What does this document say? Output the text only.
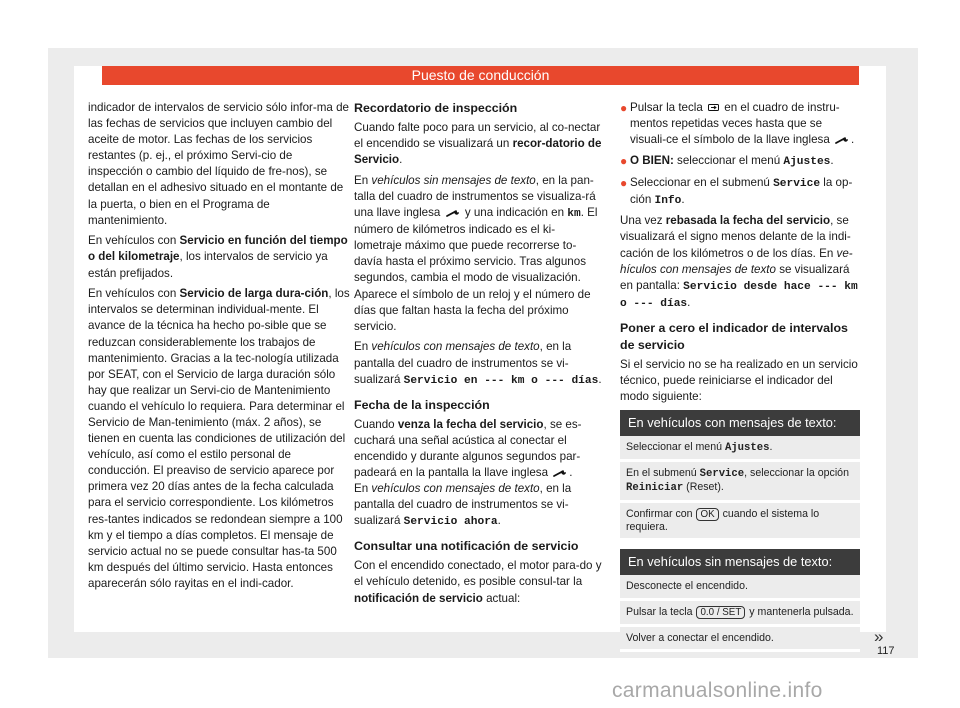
Puesto de conducción

indicador de intervalos de servicio sólo infor-ma de las fechas de servicios que incluyen cambio del aceite de motor. Las fechas de los servicios restantes (p. ej., el próximo Servi-cio de inspección o cambio del líquido de fre-nos), se detallan en el adhesivo situado en el montante de la puerta, o bien en el Programa de mantenimiento.

En vehículos con Servicio en función del tiempo o del kilometraje, los intervalos de servicio ya están prefijados.

En vehículos con Servicio de larga dura-ción, los intervalos se determinan individual-mente. El avance de la técnica ha hecho po-sible que se reduzcan considerablemente los trabajos de mantenimiento. Gracias a la tec-nología utilizada por SEAT, con el Servicio de larga duración sólo hay que realizar un Servi-cio de Mantenimiento cuando el vehículo lo requiera. Para determinar el Servicio de Man-tenimiento (máx. 2 años), se tienen en cuenta las condiciones de utilización del vehículo, así como el estilo personal de conducción. El preaviso de servicio aparece por primera vez 20 días antes de la fecha calculada para el servicio correspondiente. Los kilómetros res-tantes indicados se redondean siempre a 100 km y el tiempo a días completos. El mensaje de servicio actual no se puede consultar has-ta 500 km después del último servicio. Hasta entonces aparecerán sólo rayitas en el indi-cador.

Recordatorio de inspección

Cuando falte poco para un servicio, al co-nectar el encendido se visualizará un recor-datorio de Servicio.

En vehículos sin mensajes de texto, en la pan-talla del cuadro de instrumentos se visualiza-rá una llave inglesa  y una indicación en km. El número de kilómetros indicado es el ki-lometraje máximo que puede recorrerse to-davía hasta el próximo servicio. Tras algunos segundos, cambia el modo de visualización. Aparece el símbolo de un reloj y el número de días que faltan hasta la fecha del próximo servicio.

En vehículos con mensajes de texto, en la pantalla del cuadro de instrumentos se vi-sualizará Servicio en --- km o --- días.

Fecha de la inspección

Cuando venza la fecha del servicio, se es-cuchará una señal acústica al conectar el encendido y durante algunos segundos par-padeará en la pantalla la llave inglesa .
En vehículos con mensajes de texto, en la pantalla del cuadro de instrumentos se vi-sualizará Servicio ahora.

Consultar una notificación de servicio

Con el encendido conectado, el motor para-do y el vehículo detenido, es posible consul-tar la notificación de servicio actual:

● Pulsar la tecla  en el cuadro de instru-mentos repetidas veces hasta que se visuali-ce el símbolo de la llave inglesa .

● O BIEN: seleccionar el menú Ajustes.

● Seleccionar en el submenú Service la op-ción Info.

Una vez rebasada la fecha del servicio, se visualizará el signo menos delante de la indi-cación de los kilómetros o de los días. En ve-hículos con mensajes de texto se visualizará en pantalla: Servicio desde hace --- km o --- días.

Poner a cero el indicador de intervalos de servicio

Si el servicio no se ha realizado en un servicio técnico, puede reiniciarse el indicador del modo siguiente:

En vehículos con mensajes de texto:
Seleccionar el menú Ajustes.
En el submenú Service, seleccionar la opción Reiniciar (Reset).
Confirmar con OK cuando el sistema lo requiera.
En vehículos sin mensajes de texto:
Desconecte el encendido.
Pulsar la tecla 0.0 / SET y mantenerla pulsada.
Volver a conectar el encendido.	»
117
carmanualsonline.info
